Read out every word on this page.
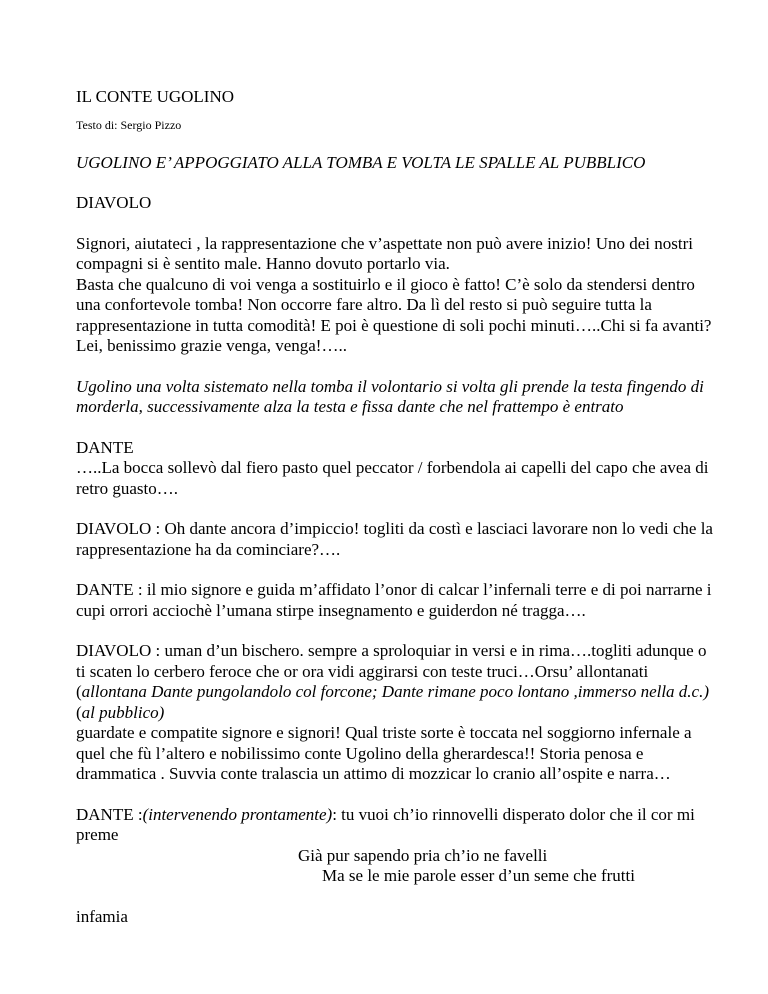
IL CONTE UGOLINO

Testo di: Sergio Pizzo

UGOLINO E’ APPOGGIATO ALLA TOMBA E VOLTA LE SPALLE AL PUBBLICO

DIAVOLO

Signori, aiutateci , la rappresentazione che v’aspettate non può avere inizio! Uno dei nostri compagni si è sentito male. Hanno dovuto portarlo via.
Basta che qualcuno di voi venga a sostituirlo e il gioco è fatto! C’è solo da stendersi dentro una confortevole tomba! Non occorre fare altro. Da lì del resto si può seguire tutta la rappresentazione in tutta comodità! E poi è questione di soli pochi minuti…..Chi si fa avanti? Lei, benissimo grazie venga, venga!…..

Ugolino una volta sistemato nella tomba il volontario si volta gli prende la testa fingendo di morderla, successivamente alza la testa e fissa dante che nel frattempo è entrato

DANTE
…..La bocca sollevò dal fiero pasto quel peccator / forbendola ai capelli del capo che avea di retro guasto….

DIAVOLO : Oh dante ancora d’impiccio! togliti da costì e lasciaci lavorare non lo vedi che la rappresentazione ha da cominciare?….

DANTE : il mio signore e guida m’affidato l’onor di calcar l’infernali terre e di poi narrarne i cupi orrori acciochè l’umana stirpe insegnamento e guiderdon né tragga….

DIAVOLO : uman d’un bischero. sempre a sproloquiar in versi e in rima….togliti adunque o ti scaten lo cerbero feroce che or ora vidi aggirarsi con teste truci…Orsu’ allontanati (allontana Dante pungolandolo col forcone; Dante rimane poco lontano ,immerso nella d.c.)
(al pubblico)
guardate e compatite signore e signori! Qual triste sorte è toccata nel soggiorno infernale a quel che fù l’altero e nobilissimo conte Ugolino della gherardesca!! Storia penosa e drammatica . Suvvia conte tralascia un attimo di mozzicar lo cranio all’ospite e narra…
DANTE :(intervenendo prontamente): tu vuoi ch’io rinnovelli disperato dolor che il cor mi preme
Già pur sapendo pria ch’io ne favelli
Ma se le mie parole esser d’un seme che frutti
infamia
